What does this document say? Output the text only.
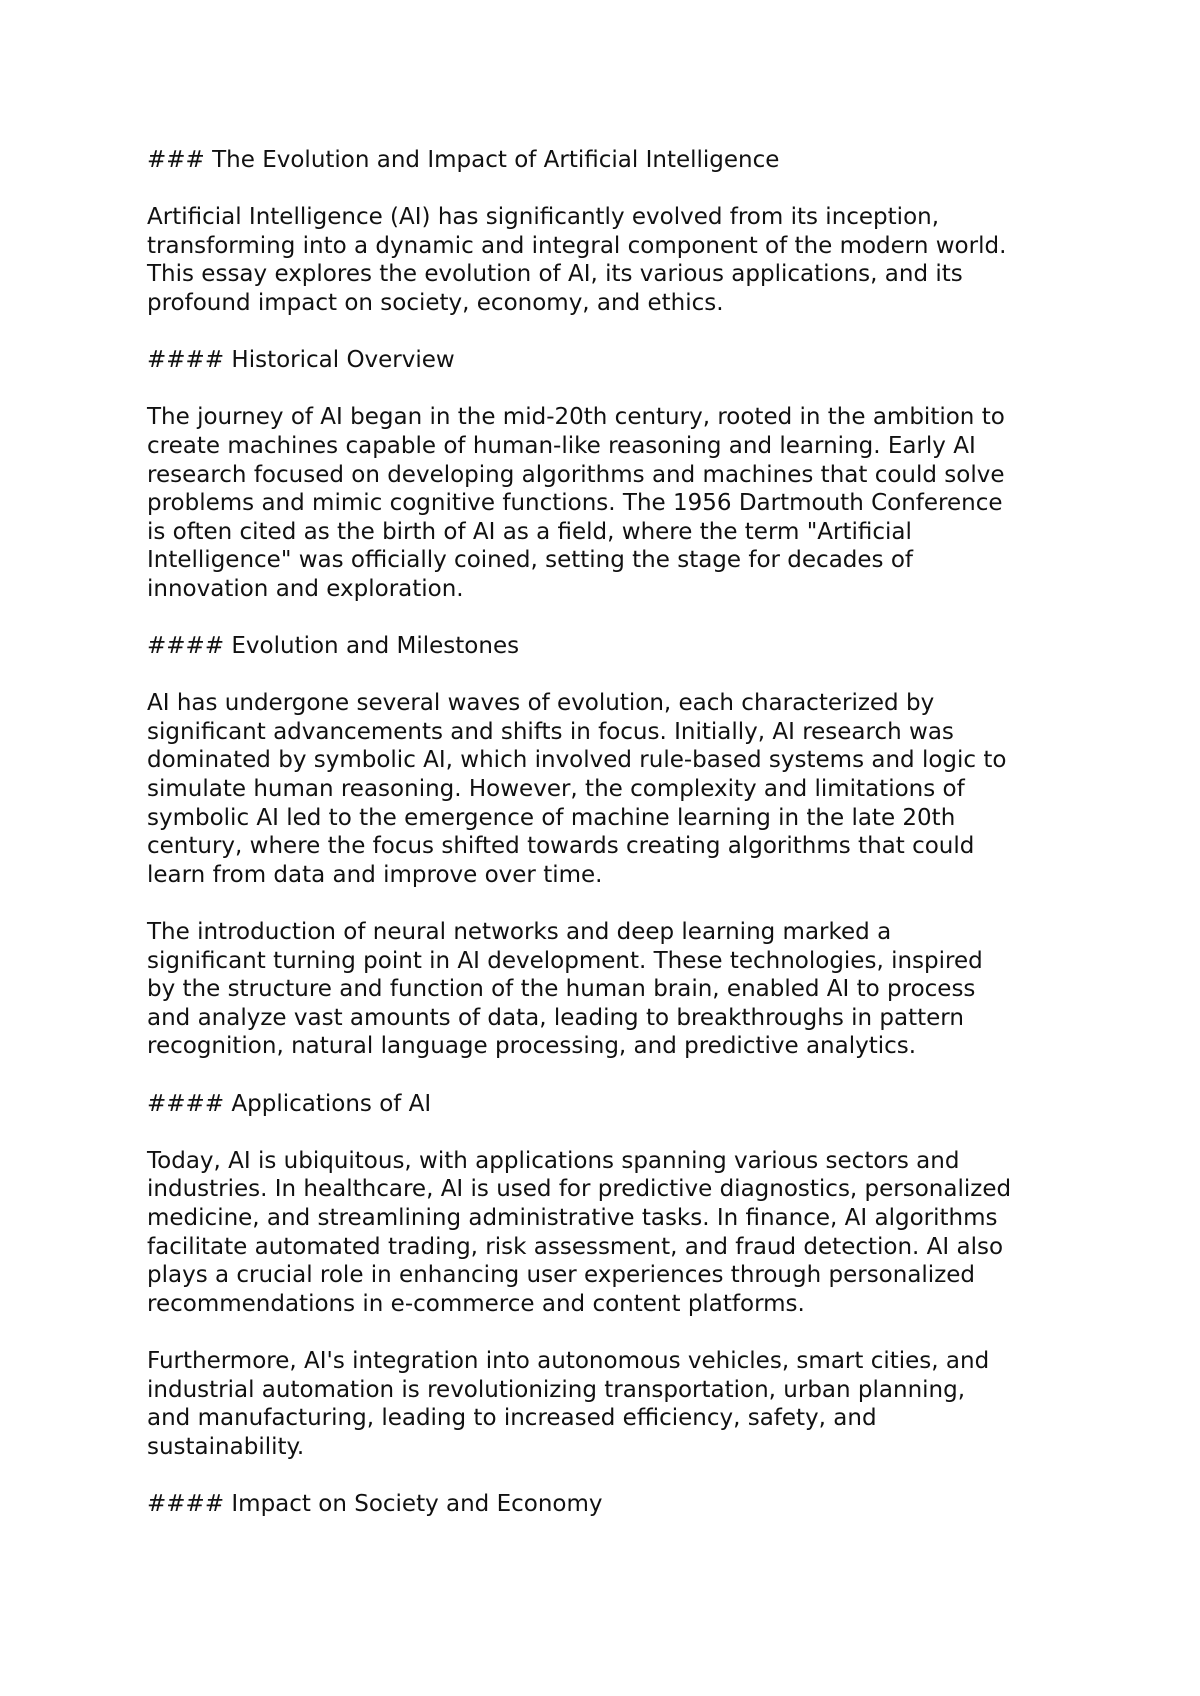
### The Evolution and Impact of Artificial Intelligence

Artificial Intelligence (AI) has significantly evolved from its inception,
transforming into a dynamic and integral component of the modern world.
This essay explores the evolution of AI, its various applications, and its
profound impact on society, economy, and ethics.

#### Historical Overview

The journey of AI began in the mid-20th century, rooted in the ambition to
create machines capable of human-like reasoning and learning. Early AI
research focused on developing algorithms and machines that could solve
problems and mimic cognitive functions. The 1956 Dartmouth Conference
is often cited as the birth of AI as a field, where the term "Artificial
Intelligence" was officially coined, setting the stage for decades of
innovation and exploration.

#### Evolution and Milestones

AI has undergone several waves of evolution, each characterized by
significant advancements and shifts in focus. Initially, AI research was
dominated by symbolic AI, which involved rule-based systems and logic to
simulate human reasoning. However, the complexity and limitations of
symbolic AI led to the emergence of machine learning in the late 20th
century, where the focus shifted towards creating algorithms that could
learn from data and improve over time.

The introduction of neural networks and deep learning marked a
significant turning point in AI development. These technologies, inspired
by the structure and function of the human brain, enabled AI to process
and analyze vast amounts of data, leading to breakthroughs in pattern
recognition, natural language processing, and predictive analytics.

#### Applications of AI

Today, AI is ubiquitous, with applications spanning various sectors and
industries. In healthcare, AI is used for predictive diagnostics, personalized
medicine, and streamlining administrative tasks. In finance, AI algorithms
facilitate automated trading, risk assessment, and fraud detection. AI also
plays a crucial role in enhancing user experiences through personalized
recommendations in e-commerce and content platforms.

Furthermore, AI's integration into autonomous vehicles, smart cities, and
industrial automation is revolutionizing transportation, urban planning,
and manufacturing, leading to increased efficiency, safety, and
sustainability.

#### Impact on Society and Economy
